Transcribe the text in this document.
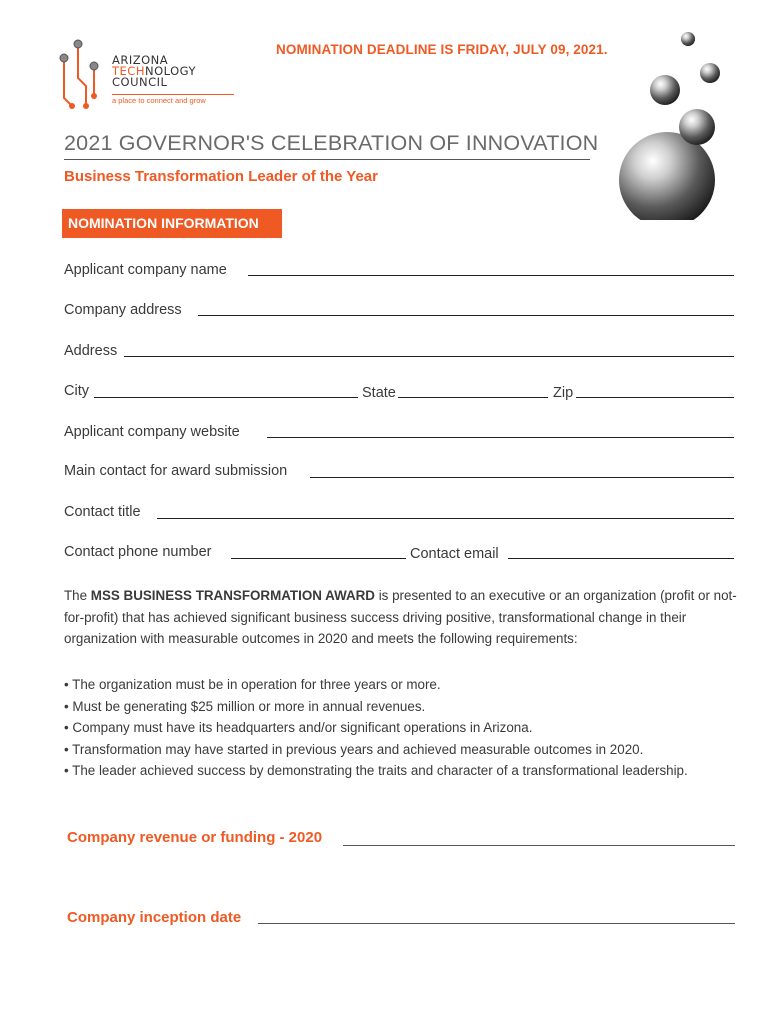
ARIZONA
TECHNOLOGY
COUNCIL
a place to connect and grow
NOMINATION DEADLINE IS FRIDAY, JULY 09, 2021.
2021 GOVERNOR'S CELEBRATION OF INNOVATION
Business Transformation Leader of the Year
NOMINATION INFORMATION
Applicant company name
Company address
Address
City	State	Zip
Applicant company website
Main contact for award submission
Contact title
Contact phone number	Contact email
The MSS BUSINESS TRANSFORMATION AWARD is presented to an executive or an organization (profit or not-for-profit) that has achieved significant business success driving positive, transformational change in their organization with measurable outcomes in 2020 and meets the following requirements:
• The organization must be in operation for three years or more.
• Must be generating $25 million or more in annual revenues.
• Company must have its headquarters and/or significant operations in Arizona.
• Transformation may have started in previous years and achieved measurable outcomes in 2020.
• The leader achieved success by demonstrating the traits and character of a transformational leadership.
Company revenue or funding - 2020
Company inception date
